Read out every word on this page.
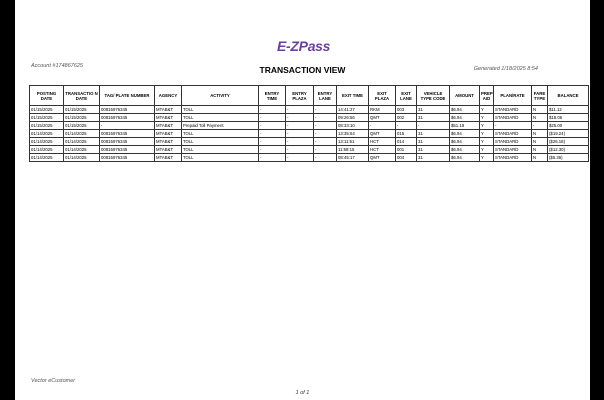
E-ZPass
Account #174867625	TRANSACTION VIEW	Generated 1/18/2025 8:54
POSTING DATE	TRANSACTIO N DATE	TAG/ PLATE NUMBER	AGENCY	ACTIVITY	ENTRY TIME	ENTRY PLAZA	ENTRY LANE	EXIT TIME	EXIT PLAZA	EXIT LANE	VEHICLE TYPE CODE	AMOUNT	PREP AID	PLAN/RATE	FARE TYPE	BALANCE
01/15/2025	01/15/2025	00815976345	MTAB&T	TOLL	-	-	-	14:41:27	RKM	003	31	$6.94	Y	STANDARD	N	$11.12
01/15/2025	01/15/2025	00815976345	MTAB&T	TOLL	-	-	-	09:26:56	QMT	002	31	$6.94	Y	STANDARD	N	$18.06
01/15/2025	01/15/2025	-	MTAB&T	Prepaid Toll Payment	-	-	-	08:33:10	-	-	-	$51.18	Y	-	-	$25.00
01/14/2025	01/14/2025	00815976345	MTAB&T	TOLL	-	-	-	13:35:54	QMT	015	31	$6.94	Y	STANDARD	N	($19.24)
01/14/2025	01/14/2025	00815976345	MTAB&T	TOLL	-	-	-	13:11:51	HCT	014	31	$6.94	Y	STANDARD	N	($26.18)
01/14/2025	01/14/2025	00815976345	MTAB&T	TOLL	-	-	-	11:58:15	HCT	001	31	$6.94	Y	STANDARD	N	($12.30)
01/14/2025	01/14/2025	00815976345	MTAB&T	TOLL	-	-	-	08:45:17	QMT	004	31	$6.94	Y	STANDARD	N	($5.36)
Vector eCustomer
1 of 1
